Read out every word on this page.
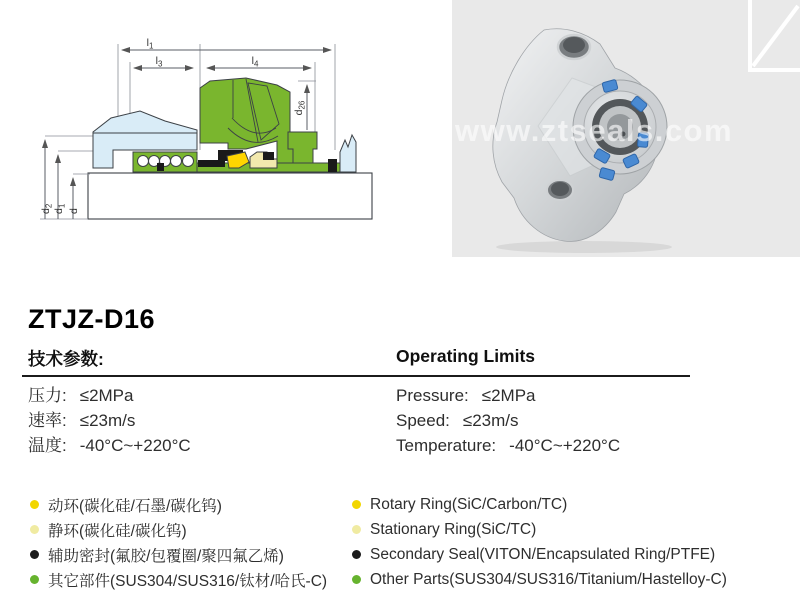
$l_1$
$l_3$	$l_4$
$d_{26}$
$d_2$
$d_1$
d
www.ztseals.com
ZTJZ-D16
技术参数:	Operating Limits
压力: ≤2MPa
速率: ≤23m/s
温度: -40°C~+220°C
Pressure: ≤2MPa
Speed: ≤23m/s
Temperature: -40°C~+220°C
动环(碳化硅/石墨/碳化钨)
静环(碳化硅/碳化钨)
辅助密封(氟胶/包覆圈/聚四氟乙烯)
其它部件(SUS304/SUS316/钛材/哈氏-C)
Rotary Ring(SiC/Carbon/TC)
Stationary Ring(SiC/TC)
Secondary Seal(VITON/Encapsulated Ring/PTFE)
Other Parts(SUS304/SUS316/Titanium/Hastelloy-C)
